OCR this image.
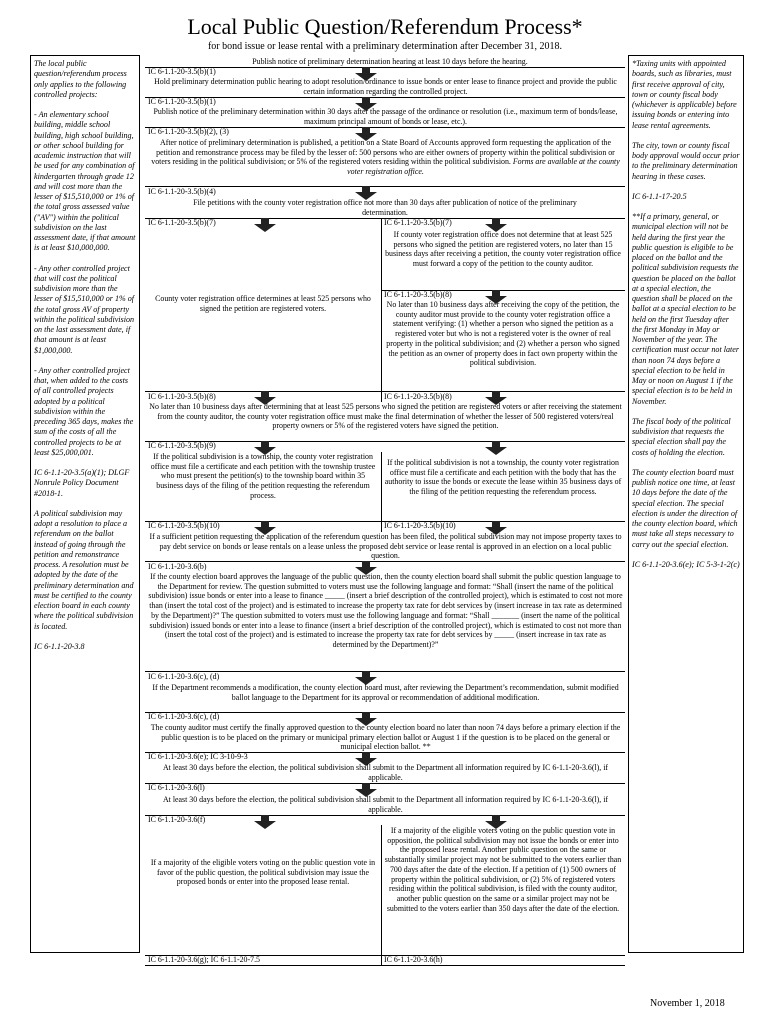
Local Public Question/Referendum Process*
for bond issue or lease rental with a preliminary determination after December 31, 2018.

The local public question/referendum process only applies to the following controlled projects:

- An elementary school building, middle school building, high school building, or other school building for academic instruction that will be used for any combination of kindergarten through grade 12 and will cost more than the lesser of $15,510,000 or 1% of the total gross assessed value ("AV") within the political subdivision on the last assessment date, if that amount is at least $10,000,000.

- Any other controlled project that will cost the political subdivision more than the lesser of $15,510,000 or 1% of the total gross AV of property within the political subdivision on the last assessment date, if that amount is at least $1,000,000.

- Any other controlled project that, when added to the costs of all controlled projects adopted by a political subdivision within the preceding 365 days, makes the sum of the costs of all the controlled projects to be at least $25,000,001.

IC 6-1.1-20-3.5(a)(1); DLGF Nonrule Policy Document #2018-1.

A political subdivision may adopt a resolution to place a referendum on the ballot instead of going through the petition and remonstrance process. A resolution must be adopted by the date of the preliminary determination and must be certified to the county election board in each county where the political subdivision is located.

IC 6-1.1-20-3.8

*Taxing units with appointed boards, such as libraries, must first receive approval of city, town or county fiscal body (whichever is applicable) before issuing bonds or entering into lease rental agreements.

The city, town or county fiscal body approval would occur prior to the preliminary determination hearing in these cases.

IC 6-1.1-17-20.5

**If a primary, general, or municipal election will not be held during the first year the public question is eligible to be placed on the ballot and the political subdivision requests the question be placed on the ballot at a special election, the question shall be placed on the ballot at a special election to be held on the first Tuesday after the first Monday in May or November of the year. The certification must occur not later than noon 74 days before a special election to be held in May or noon on August 1 if the special election is to be held in November.

The fiscal body of the political subdivision that requests the special election shall pay the costs of holding the election.

The county election board must publish notice one time, at least 10 days before the date of the special election. The special election is under the direction of the county election board, which must take all steps necessary to carry out the special election.

IC 6-1.1-20-3.6(e); IC 5-3-1-2(c)

Publish notice of preliminary determination hearing at least 10 days before the hearing.
IC 6-1.1-20-3.5(b)(1)
Hold preliminary determination public hearing to adopt resolution/ordinance to issue bonds or enter lease to finance project and provide the public certain information regarding the controlled project.
IC 6-1.1-20-3.5(b)(1)
Publish notice of the preliminary determination within 30 days after the passage of the ordinance or resolution (i.e., maximum term of bonds/lease, maximum principal amount of bonds or lease, etc.).
IC 6-1.1-20-3.5(b)(2), (3)
After notice of preliminary determination is published, a petition on a State Board of Accounts approved form requesting the application of the petition and remonstrance process may be filed by the lesser of: 500 persons who are either owners of property within the political subdivision or voters residing in the political subdivision; or 5% of the registered voters residing within the political subdivision. Forms are available at the county voter registration office.
IC 6-1.1-20-3.5(b)(4)
File petitions with the county voter registration office not more than 30 days after publication of notice of the preliminary determination.
IC 6-1.1-20-3.5(b)(7)	IC 6-1.1-20-3.5(b)(7)
County voter registration office determines at least 525 persons who signed the petition are registered voters.
If county voter registration office does not determine that at least 525 persons who signed the petition are registered voters, no later than 15 business days after receiving a petition, the county voter registration office must forward a copy of the petition to the county auditor.
IC 6-1.1-20-3.5(b)(8)
No later than 10 business days after receiving the copy of the petition, the county auditor must provide to the county voter registration office a statement verifying: (1) whether a person who signed the petition as a registered voter but who is not a registered voter is the owner of real property in the political subdivision; and (2) whether a person who signed the petition as an owner of property does in fact own property within the political subdivision.
IC 6-1.1-20-3.5(b)(8)	IC 6-1.1-20-3.5(b)(8)
No later than 10 business days after determining that at least 525 persons who signed the petition are registered voters or after receiving the statement from the county auditor, the county voter registration office must make the final determination of whether the lesser of 500 registered voters/real property owners or 5% of the registered voters have signed the petition.
IC 6-1.1-20-3.5(b)(9)
If the political subdivision is a township, the county voter registration office must file a certificate and each petition with the township trustee who must present the petition(s) to the township board within 35 business days of the filing of the petition requesting the referendum process.
If the political subdivision is not a township, the county voter registration office must file a certificate and each petition with the body that has the authority to issue the bonds or execute the lease within 35 business days of the filing of the petition requesting the referendum process.
IC 6-1.1-20-3.5(b)(10)	IC 6-1.1-20-3.5(b)(10)
If a sufficient petition requesting the application of the referendum question has been filed, the political subdivision may not impose property taxes to pay debt service on bonds or lease rentals on a lease unless the proposed debt service or lease rental is approved in an election on a local public question.
IC 6-1.1-20-3.6(b)
If the county election board approves the language of the public question, then the county election board shall submit the public question language to the Department for review. The question submitted to voters must use the following language and format: “Shall (insert the name of the political subdivision) issue bonds or enter into a lease to finance _____ (insert a brief description of the controlled project), which is estimated to cost not more than (insert the total cost of the project) and is estimated to increase the property tax rate for debt services by (insert increase in tax rate as determined by the Department)?” The question submitted to voters must use the following language and format: “Shall _______ (insert the name of the political subdivision) issued bonds or enter into a lease to finance (insert a brief description of the controlled project), which is estimated to cost not more than (insert the total cost of the project) and is estimated to increase the property tax rate for debt services by _____ (insert increase in tax rate as determined by the Department)?”
IC 6-1.1-20-3.6(c), (d)
If the Department recommends a modification, the county election board must, after reviewing the Department’s recommendation, submit modified ballot language to the Department for its approval or recommendation of additional modification.
IC 6-1.1-20-3.6(c), (d)
The county auditor must certify the finally approved question to the county election board no later than noon 74 days before a primary election if the public question is to be placed on the primary or municipal primary election ballot or August 1 if the question is to be placed on the general or municipal election ballot. **
IC 6-1.1-20-3.6(e); IC 3-10-9-3
At least 30 days before the election, the political subdivision shall submit to the Department all information required by IC 6-1.1-20-3.6(l), if applicable.
IC 6-1.1-20-3.6(l)
At least 30 days before the election, the political subdivision shall submit to the Department all information required by IC 6-1.1-20-3.6(l), if applicable.
IC 6-1.1-20-3.6(f)
If a majority of the eligible voters voting on the public question vote in favor of the public question, the political subdivision may issue the proposed bonds or enter into the proposed lease rental.
If a majority of the eligible voters voting on the public question vote in opposition, the political subdivision may not issue the bonds or enter into the proposed lease rental. Another public question on the same or substantially similar project may not be submitted to the voters earlier than 700 days after the date of the election. If a petition of (1) 500 owners of property within the political subdivision, or (2) 5% of registered voters residing within the political subdivision, is filed with the county auditor, another public question on the same or a similar project may not be submitted to the voters earlier than 350 days after the date of the election.
IC 6-1.1-20-3.6(g); IC 6-1.1-20-7.5	IC 6-1.1-20-3.6(h)
November 1, 2018
